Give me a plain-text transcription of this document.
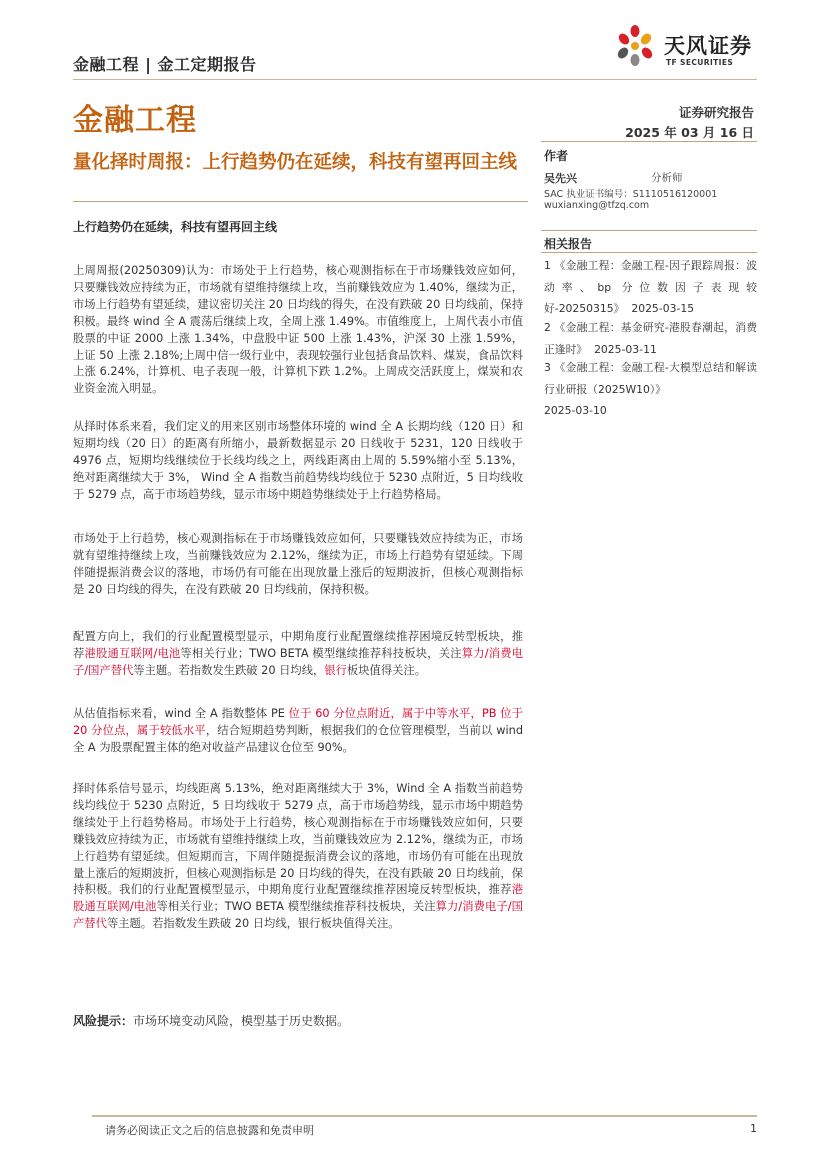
金融工程 | 金工定期报告
天风证券
TF SECURITIES
金融工程	证券研究报告
2025 年 03 月 16 日
量化择时周报：上行趋势仍在延续，科技有望再回主线
上行趋势仍在延续，科技有望再回主线

上周周报(20250309)认为：市场处于上行趋势，核心观测指标在于市场赚钱效应如何，只要赚钱效应持续为正，市场就有望维持继续上攻，当前赚钱效应为 1.40%，继续为正，市场上行趋势有望延续，建议密切关注 20 日均线的得失，在没有跌破 20 日均线前，保持积极。最终 wind 全 A 震荡后继续上攻，全周上涨 1.49%。市值维度上，上周代表小市值股票的中证 2000 上涨 1.34%，中盘股中证 500 上涨 1.43%，沪深 30 上涨 1.59%，上证 50 上涨 2.18%;上周中信一级行业中，表现较强行业包括食品饮料、煤炭，食品饮料上涨 6.24%，计算机、电子表现一般，计算机下跌 1.2%。上周成交活跃度上，煤炭和农业资金流入明显。

从择时体系来看，我们定义的用来区别市场整体环境的 wind 全 A 长期均线（120 日）和短期均线（20 日）的距离有所缩小，最新数据显示 20 日线收于 5231，120 日线收于 4976 点，短期均线继续位于长线均线之上，两线距离由上周的 5.59%缩小至 5.13%，绝对距离继续大于 3%， Wind 全 A 指数当前趋势线均线位于 5230 点附近，5 日均线收于 5279 点，高于市场趋势线，显示市场中期趋势继续处于上行趋势格局。

市场处于上行趋势，核心观测指标在于市场赚钱效应如何，只要赚钱效应持续为正，市场就有望维持继续上攻，当前赚钱效应为 2.12%，继续为正，市场上行趋势有望延续。下周伴随提振消费会议的落地，市场仍有可能在出现放量上涨后的短期波折，但核心观测指标是 20 日均线的得失，在没有跌破 20 日均线前，保持积极。

配置方向上，我们的行业配置模型显示，中期角度行业配置继续推荐困境反转型板块，推荐港股通互联网/电池等相关行业；TWO BETA 模型继续推荐科技板块，关注算力/消费电子/国产替代等主题。若指数发生跌破 20 日均线，银行板块值得关注。

从估值指标来看，wind 全 A 指数整体 PE 位于 60 分位点附近，属于中等水平，PB 位于 20 分位点，属于较低水平，结合短期趋势判断，根据我们的仓位管理模型，当前以 wind 全 A 为股票配置主体的绝对收益产品建议仓位至 90%。

择时体系信号显示，均线距离 5.13%，绝对距离继续大于 3%，Wind 全 A 指数当前趋势线均线位于 5230 点附近，5 日均线收于 5279 点，高于市场趋势线，显示市场中期趋势继续处于上行趋势格局。市场处于上行趋势，核心观测指标在于市场赚钱效应如何，只要赚钱效应持续为正，市场就有望维持继续上攻，当前赚钱效应为 2.12%，继续为正，市场上行趋势有望延续。但短期而言，下周伴随提振消费会议的落地，市场仍有可能在出现放量上涨后的短期波折，但核心观测指标是 20 日均线的得失，在没有跌破 20 日均线前，保持积极。我们的行业配置模型显示，中期角度行业配置继续推荐困境反转型板块，推荐港股通互联网/电池等相关行业；TWO BETA 模型继续推荐科技板块，关注算力/消费电子/国产替代等主题。若指数发生跌破 20 日均线，银行板块值得关注。

风险提示：市场环境变动风险，模型基于历史数据。
作者
吴先兴	分析师
SAC 执业证书编号：S1110516120001
wuxianxing@tfzq.com
相关报告
1 《金融工程：金融工程-因子跟踪周报：波动率、bp 分位数因子表现较好-20250315》 2025-03-15
2 《金融工程：基金研究-港股春潮起，消费正逢时》 2025-03-11
3 《金融工程：金融工程-大模型总结和解读行业研报（2025W10）》
2025-03-10
请务必阅读正文之后的信息披露和免责申明	1
